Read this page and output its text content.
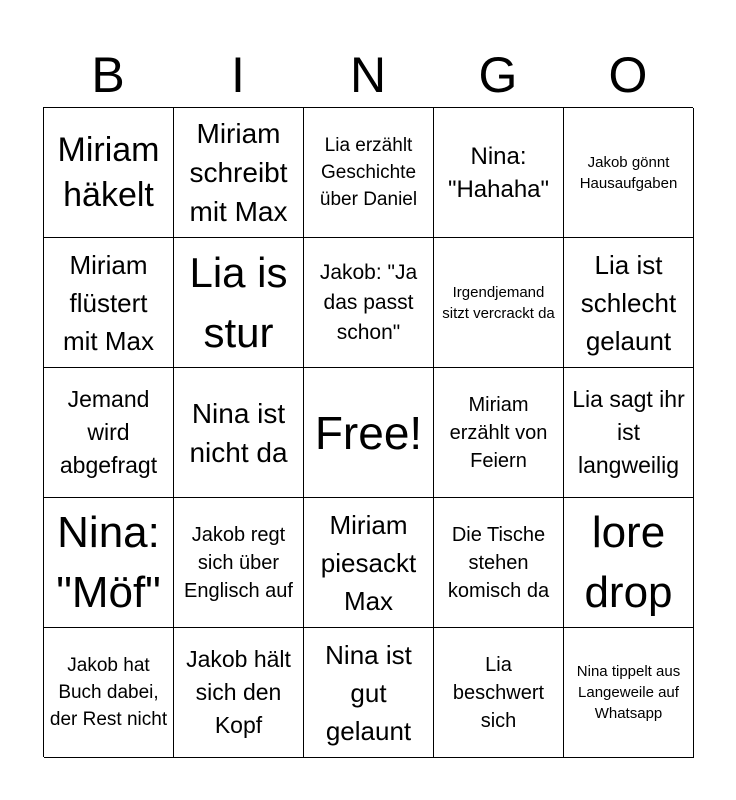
B	I	N	G	O
Miriam häkelt
Miriam schreibt mit Max
Lia erzählt Geschichte über Daniel
Nina: "Hahaha"
Jakob gönnt Hausaufgaben
Miriam flüstert mit Max
Lia is stur
Jakob: "Ja das passt schon"
Irgendjemand sitzt vercrackt da
Lia ist schlecht gelaunt
Jemand wird abgefragt
Nina ist nicht da Free!
Miriam erzählt von Feiern
Lia sagt ihr ist langweilig
Nina: "Möf"
Jakob regt sich über Englisch auf
Miriam piesackt Max
Die Tische stehen komisch da
lore drop
Jakob hat Buch dabei, der Rest nicht
Jakob hält sich den Kopf
Nina ist gut gelaunt
Lia beschwert sich
Nina tippelt aus Langeweile auf Whatsapp
